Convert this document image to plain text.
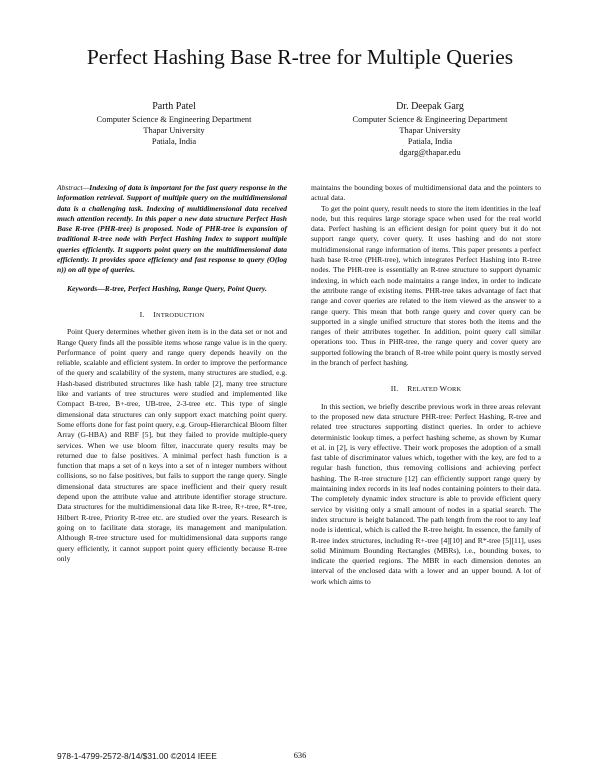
Perfect Hashing Base R-tree for Multiple Queries
Parth Patel
Computer Science & Engineering Department
Thapar University
Patiala, India
Dr. Deepak Garg
Computer Science & Engineering Department
Thapar University
Patiala, India
dgarg@thapar.edu

Abstract—Indexing of data is important for the fast query response in the information retrieval. Support of multiple query on the multidimensional data is a challenging task. Indexing of multidimensional data received much attention recently. In this paper a new data structure Perfect Hash Base R-tree (PHR-tree) is proposed. Node of PHR-tree is expansion of traditional R-tree node with Perfect Hashing Index to support multiple queries efficiently. It supports point query on the multidimensional data efficiently. It provides space efficiency and fast response to query (O(log n)) on all type of queries.

Keywords—R-tree, Perfect Hashing, Range Query, Point Query.

I. INTRODUCTION

Point Query determines whether given item is in the data set or not and Range Query finds all the possible items whose range value is in the query. Performance of point query and range query depends heavily on the reliable, scalable and efficient system. In order to improve the performance of the query and scalability of the system, many structures are studied, e.g. Hash-based distributed structures like hash table [2], many tree structure like and variants of tree structures were studied and implemented like Compact B-tree, B+-tree, UB-tree, 2-3-tree etc. This type of single dimensional data structures can only support exact matching point query. Some efforts done for fast point query, e.g. Group-Hierarchical Bloom filter Array (G-HBA) and RBF [5], but they failed to provide multiple-query services. When we use bloom filter, inaccurate query results may be returned due to false positives. A minimal perfect hash function is a function that maps a set of n keys into a set of n integer numbers without collisions, so no false positives, but fails to support the range query. Single dimensional data structures are space inefficient and their query result depend upon the attribute value and attribute identifier storage structure. Data structures for the multidimensional data like R-tree, R+-tree, R*-tree, Hilbert R-tree, Priority R-tree etc. are studied over the years. Research is going on to facilitate data storage, its management and manipulation. Although R-tree structure used for multidimensional data supports range query efficiently, it cannot support point query efficiently because R-tree only

maintains the bounding boxes of multidimensional data and the pointers to actual data.

To get the point query, result needs to store the item identities in the leaf node, but this requires large storage space when used for the real world data. Perfect hashing is an efficient design for point query but it do not support range query, cover query. It uses hashing and do not store multidimensional range information of items. This paper presents a perfect hash base R-tree (PHR-tree), which integrates Perfect Hashing into R-tree nodes. The PHR-tree is essentially an R-tree structure to support dynamic indexing, in which each node maintains a range index, in order to indicate the attribute range of existing items. PHR-tree takes advantage of fact that range and cover queries are related to the item viewed as the answer to a range query. This mean that both range query and cover query can be supported in a single unified structure that stores both the items and the ranges of their attributes together. In addition, point query call similar operations too. Thus in PHR-tree, the range query and cover query are supported following the branch of R-tree while point query is mostly served in the branch of perfect hashing.

II. RELATED WORK

In this section, we briefly describe previous work in three areas relevant to the proposed new data structure PHR-tree: Perfect Hashing, R-tree and related tree structures supporting distinct queries. In order to achieve deterministic lookup times, a perfect hashing scheme, as shown by Kumar et al. in [2], is very effective. Their work proposes the adoption of a small fast table of discriminator values which, together with the key, are fed to a regular hash function, thus removing collisions and achieving perfect hashing. The R-tree structure [12] can efficiently support range query by maintaining index records in its leaf nodes containing pointers to their data. The completely dynamic index structure is able to provide efficient query service by visiting only a small amount of nodes in a spatial search. The index structure is height balanced. The path length from the root to any leaf node is identical, which is called the R-tree height. In essence, the family of R-tree index structures, including R+-tree [4][10] and R*-tree [5][11], uses solid Minimum Bounding Rectangles (MBRs), i.e., bounding boxes, to indicate the queried regions. The MBR in each dimension denotes an interval of the enclosed data with a lower and an upper bound. A lot of work which aims to

978-1-4799-2572-8/14/$31.00 ©2014 IEEE	636
